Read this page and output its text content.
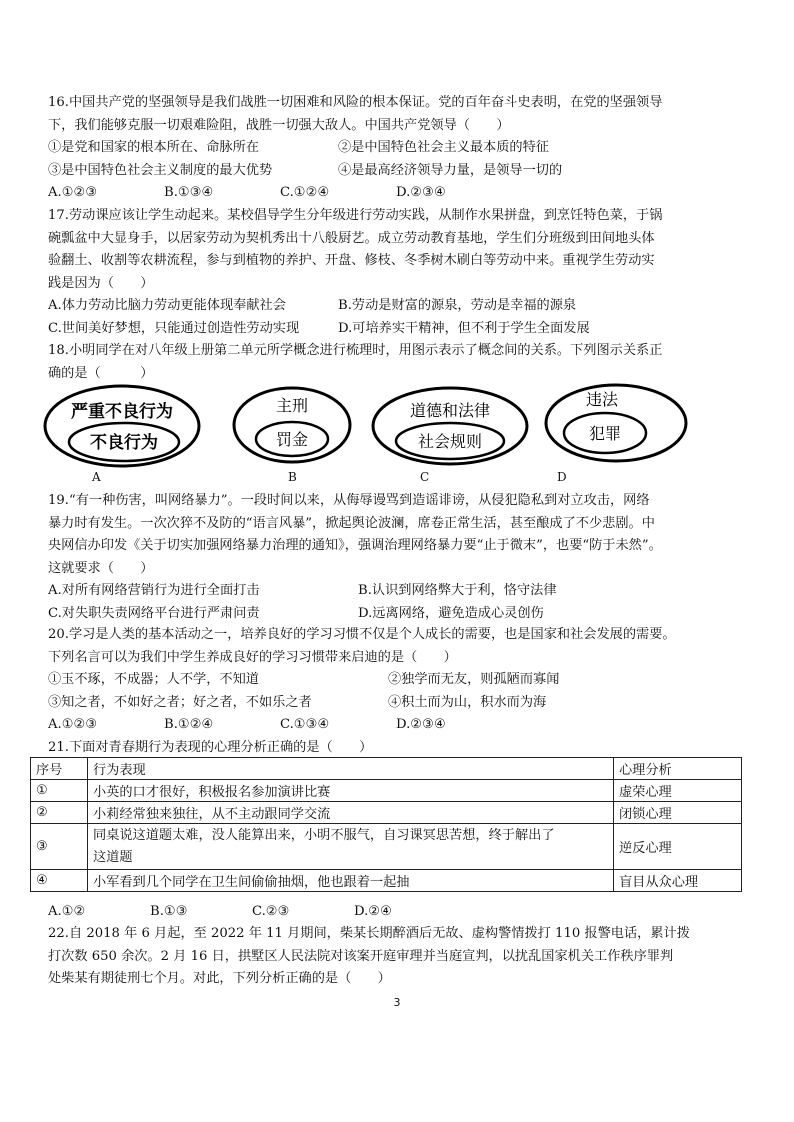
16.中国共产党的坚强领导是我们战胜一切困难和风险的根本保证。党的百年奋斗史表明，在党的坚强领导

下，我们能够克服一切艰难险阻，战胜一切强大敌人。中国共产党领导（　　）

①是党和国家的根本所在、命脉所在	②是中国特色社会主义最本质的特征
③是中国特色社会主义制度的最大优势	④是最高经济领导力量，是领导一切的
A.①②③	B.①③④	C.①②④	D.②③④

17.劳动课应该让学生动起来。某校倡导学生分年级进行劳动实践，从制作水果拼盘，到烹饪特色菜，于锅

碗瓢盆中大显身手，以居家劳动为契机秀出十八般厨艺。成立劳动教育基地，学生们分班级到田间地头体

验翻土、收割等农耕流程，参与到植物的养护、开盘、修枝、冬季树木刷白等劳动中来。重视学生劳动实

践是因为（　　）

A.体力劳动比脑力劳动更能体现奉献社会	B.劳动是财富的源泉，劳动是幸福的源泉
C.世间美好梦想，只能通过创造性劳动实现	D.可培养实干精神，但不利于学生全面发展

18.小明同学在对八年级上册第二单元所学概念进行梳理时，用图示表示了概念间的关系。下列图示关系正

确的是（　　　）

严重不良行为
不良行为
主刑
罚金
道德和法律
社会规则
违法
犯罪
A	B	C	D

19.“有一种伤害，叫网络暴力”。一段时间以来，从侮辱谩骂到造谣诽谤，从侵犯隐私到对立攻击，网络

暴力时有发生。一次次猝不及防的“语言风暴”，掀起舆论波澜，席卷正常生活，甚至酿成了不少悲剧。中

央网信办印发《关于切实加强网络暴力治理的通知》，强调治理网络暴力要“止于微末”，也要“防于未然”。

这就要求（　　）

A.对所有网络营销行为进行全面打击	B.认识到网络弊大于利，恪守法律
C.对失职失责网络平台进行严肃问责	D.远离网络，避免造成心灵创伤

20.学习是人类的基本活动之一，培养良好的学习习惯不仅是个人成长的需要，也是国家和社会发展的需要。

下列名言可以为我们中学生养成良好的学习习惯带来启迪的是（　　）

①玉不琢，不成器；人不学，不知道	②独学而无友，则孤陋而寡闻
③知之者，不如好之者；好之者，不如乐之者	④积土而为山，积水而为海
A.①②③	B.①②④	C.①③④	D.②③④

21.下面对青春期行为表现的心理分析正确的是（　　）

序号	行为表现	心理分析
①	小英的口才很好，积极报名参加演讲比赛	虚荣心理
②	小莉经常独来独往，从不主动跟同学交流	闭锁心理
③	同桌说这道题太难，没人能算出来，小明不服气，自习课冥思苦想，终于解出了
这道题	逆反心理
④	小军看到几个同学在卫生间偷偷抽烟，他也跟着一起抽	盲目从众心理
A.①②	B.①③	C.②③	D.②④

22.自 2018 年 6 月起，至 2022 年 11 月期间，柴某长期醉酒后无故、虚构警情拨打 110 报警电话，累计拨

打次数 650 余次。2 月 16 日，拱墅区人民法院对该案开庭审理并当庭宣判，以扰乱国家机关工作秩序罪判

处柴某有期徒刑七个月。对此，下列分析正确的是（　　）

3
